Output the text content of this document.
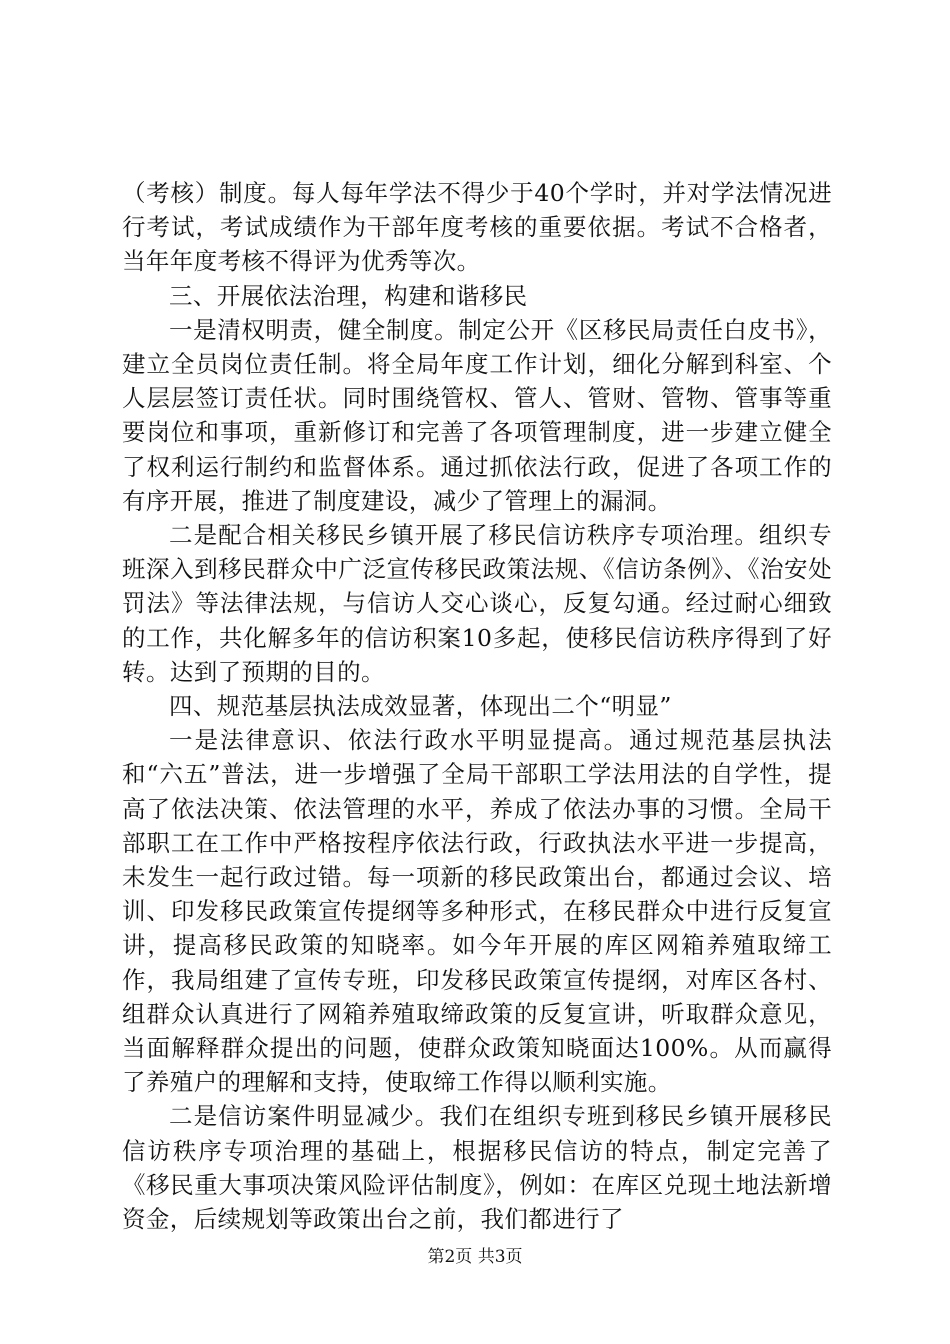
（考核）制度。每人每年学法不得少于40个学时，并对学法情况进行考试，考试成绩作为干部年度考核的重要依据。考试不合格者，当年年度考核不得评为优秀等次。

三、开展依法治理，构建和谐移民

一是清权明责，健全制度。制定公开《区移民局责任白皮书》，建立全员岗位责任制。将全局年度工作计划，细化分解到科室、个人层层签订责任状。同时围绕管权、管人、管财、管物、管事等重要岗位和事项，重新修订和完善了各项管理制度，进一步建立健全了权利运行制约和监督体系。通过抓依法行政，促进了各项工作的有序开展，推进了制度建设，减少了管理上的漏洞。

二是配合相关移民乡镇开展了移民信访秩序专项治理。组织专班深入到移民群众中广泛宣传移民政策法规、《信访条例》、《治安处罚法》等法律法规，与信访人交心谈心，反复勾通。经过耐心细致的工作，共化解多年的信访积案10多起，使移民信访秩序得到了好转。达到了预期的目的。

四、规范基层执法成效显著，体现出二个“明显”

一是法律意识、依法行政水平明显提高。通过规范基层执法和“六五”普法，进一步增强了全局干部职工学法用法的自学性，提高了依法决策、依法管理的水平，养成了依法办事的习惯。全局干部职工在工作中严格按程序依法行政，行政执法水平进一步提高，未发生一起行政过错。每一项新的移民政策出台，都通过会议、培训、印发移民政策宣传提纲等多种形式，在移民群众中进行反复宣讲，提高移民政策的知晓率。如今年开展的库区网箱养殖取缔工作，我局组建了宣传专班，印发移民政策宣传提纲，对库区各村、组群众认真进行了网箱养殖取缔政策的反复宣讲，听取群众意见，当面解释群众提出的问题，使群众政策知晓面达100%。从而赢得了养殖户的理解和支持，使取缔工作得以顺利实施。

二是信访案件明显减少。我们在组织专班到移民乡镇开展移民信访秩序专项治理的基础上，根据移民信访的特点，制定完善了《移民重大事项决策风险评估制度》，例如：在库区兑现土地法新增资金，后续规划等政策出台之前，我们都进行了

第2页 共3页
